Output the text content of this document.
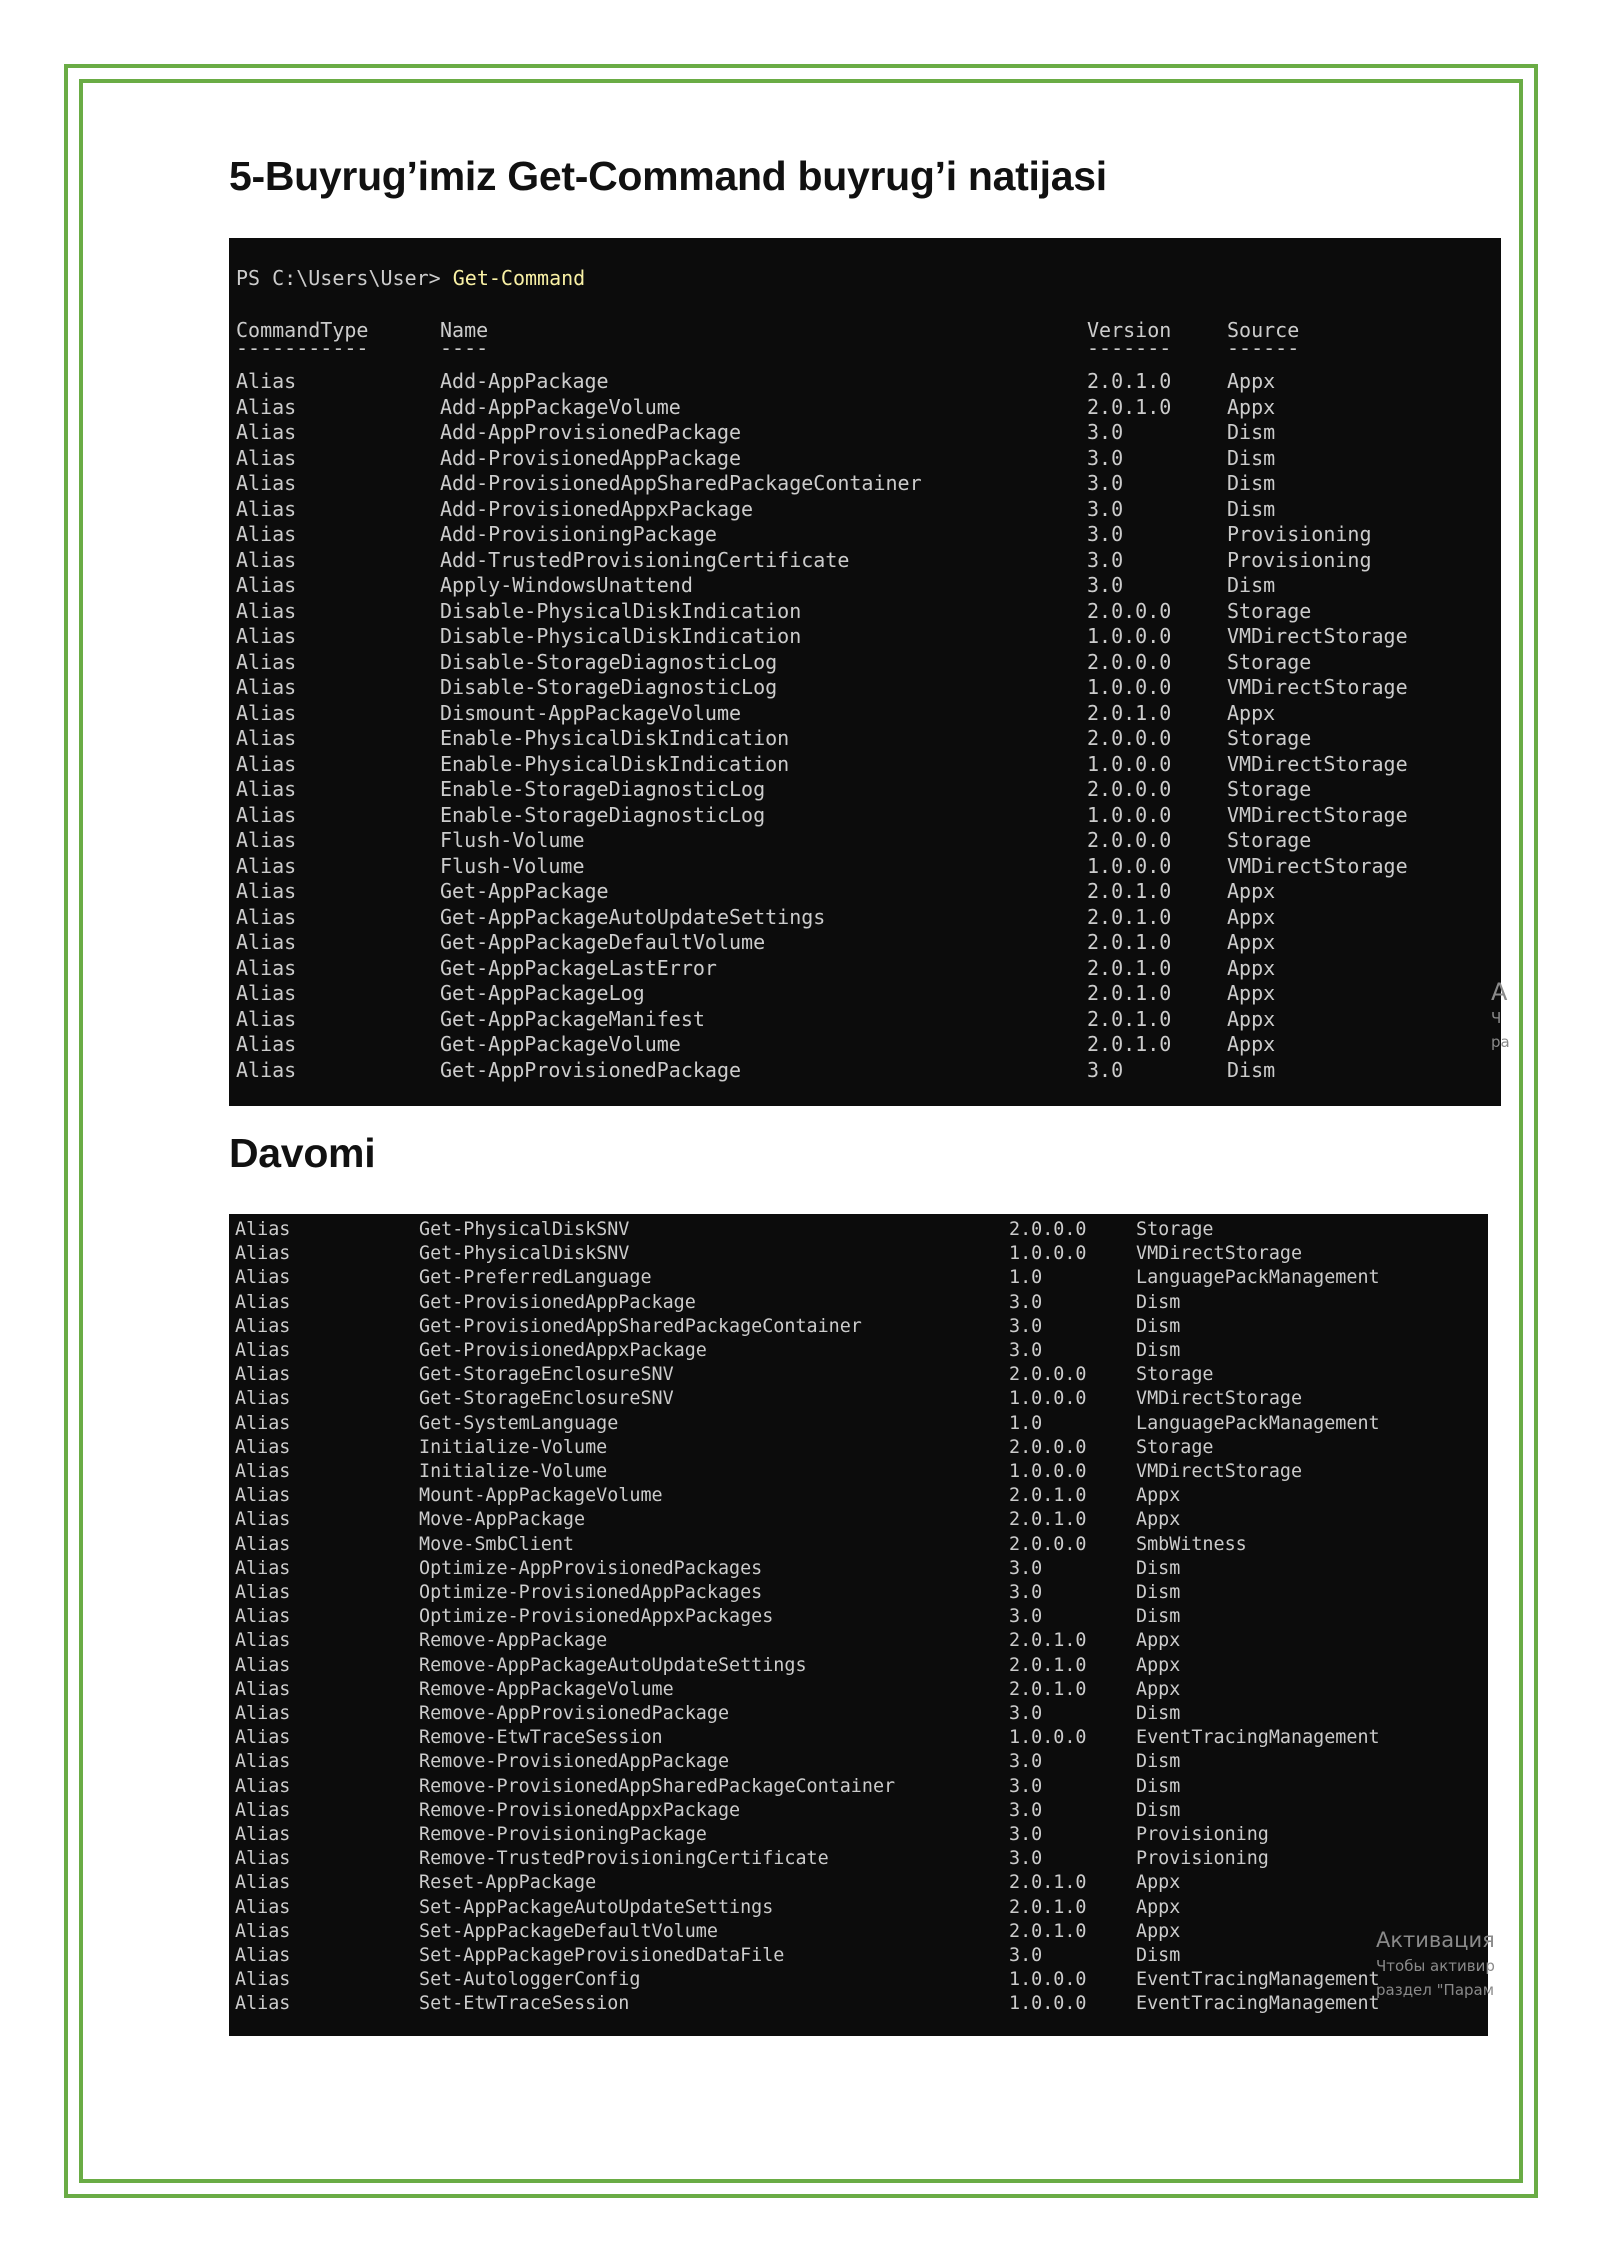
5-Buyrug’imiz Get-Command buyrug’i natijasi
PS C:\Users\User> Get-Command
CommandType	Name	Version	Source
-----------	----	-------	------
Alias	Add-AppPackage	2.0.1.0	Appx
Alias	Add-AppPackageVolume	2.0.1.0	Appx
Alias	Add-AppProvisionedPackage	3.0	Dism
Alias	Add-ProvisionedAppPackage	3.0	Dism
Alias	Add-ProvisionedAppSharedPackageContainer	3.0	Dism
Alias	Add-ProvisionedAppxPackage	3.0	Dism
Alias	Add-ProvisioningPackage	3.0	Provisioning
Alias	Add-TrustedProvisioningCertificate	3.0	Provisioning
Alias	Apply-WindowsUnattend	3.0	Dism
Alias	Disable-PhysicalDiskIndication	2.0.0.0	Storage
Alias	Disable-PhysicalDiskIndication	1.0.0.0	VMDirectStorage
Alias	Disable-StorageDiagnosticLog	2.0.0.0	Storage
Alias	Disable-StorageDiagnosticLog	1.0.0.0	VMDirectStorage
Alias	Dismount-AppPackageVolume	2.0.1.0	Appx
Alias	Enable-PhysicalDiskIndication	2.0.0.0	Storage
Alias	Enable-PhysicalDiskIndication	1.0.0.0	VMDirectStorage
Alias	Enable-StorageDiagnosticLog	2.0.0.0	Storage
Alias	Enable-StorageDiagnosticLog	1.0.0.0	VMDirectStorage
Alias	Flush-Volume	2.0.0.0	Storage
Alias	Flush-Volume	1.0.0.0	VMDirectStorage
Alias	Get-AppPackage	2.0.1.0	Appx
Alias	Get-AppPackageAutoUpdateSettings	2.0.1.0	Appx
Alias	Get-AppPackageDefaultVolume	2.0.1.0	Appx
Alias	Get-AppPackageLastError	2.0.1.0	Appx
Alias	Get-AppPackageLog	2.0.1.0	Appx
Alias	Get-AppPackageManifest	2.0.1.0	Appx
Alias	Get-AppPackageVolume	2.0.1.0	Appx
Alias	Get-AppProvisionedPackage	3.0	Dism
А
Ч
ра
Davomi
Alias	Get-PhysicalDiskSNV	2.0.0.0	Storage
Alias	Get-PhysicalDiskSNV	1.0.0.0	VMDirectStorage
Alias	Get-PreferredLanguage	1.0	LanguagePackManagement
Alias	Get-ProvisionedAppPackage	3.0	Dism
Alias	Get-ProvisionedAppSharedPackageContainer	3.0	Dism
Alias	Get-ProvisionedAppxPackage	3.0	Dism
Alias	Get-StorageEnclosureSNV	2.0.0.0	Storage
Alias	Get-StorageEnclosureSNV	1.0.0.0	VMDirectStorage
Alias	Get-SystemLanguage	1.0	LanguagePackManagement
Alias	Initialize-Volume	2.0.0.0	Storage
Alias	Initialize-Volume	1.0.0.0	VMDirectStorage
Alias	Mount-AppPackageVolume	2.0.1.0	Appx
Alias	Move-AppPackage	2.0.1.0	Appx
Alias	Move-SmbClient	2.0.0.0	SmbWitness
Alias	Optimize-AppProvisionedPackages	3.0	Dism
Alias	Optimize-ProvisionedAppPackages	3.0	Dism
Alias	Optimize-ProvisionedAppxPackages	3.0	Dism
Alias	Remove-AppPackage	2.0.1.0	Appx
Alias	Remove-AppPackageAutoUpdateSettings	2.0.1.0	Appx
Alias	Remove-AppPackageVolume	2.0.1.0	Appx
Alias	Remove-AppProvisionedPackage	3.0	Dism
Alias	Remove-EtwTraceSession	1.0.0.0	EventTracingManagement
Alias	Remove-ProvisionedAppPackage	3.0	Dism
Alias	Remove-ProvisionedAppSharedPackageContainer	3.0	Dism
Alias	Remove-ProvisionedAppxPackage	3.0	Dism
Alias	Remove-ProvisioningPackage	3.0	Provisioning
Alias	Remove-TrustedProvisioningCertificate	3.0	Provisioning
Alias	Reset-AppPackage	2.0.1.0	Appx
Alias	Set-AppPackageAutoUpdateSettings	2.0.1.0	Appx
Alias	Set-AppPackageDefaultVolume	2.0.1.0	Appx
Alias	Set-AppPackageProvisionedDataFile	3.0	Dism
Alias	Set-AutologgerConfig	1.0.0.0	EventTracingManagement
Alias	Set-EtwTraceSession	1.0.0.0	EventTracingManagement
Активация
Чтобы активир
раздел "Парам
